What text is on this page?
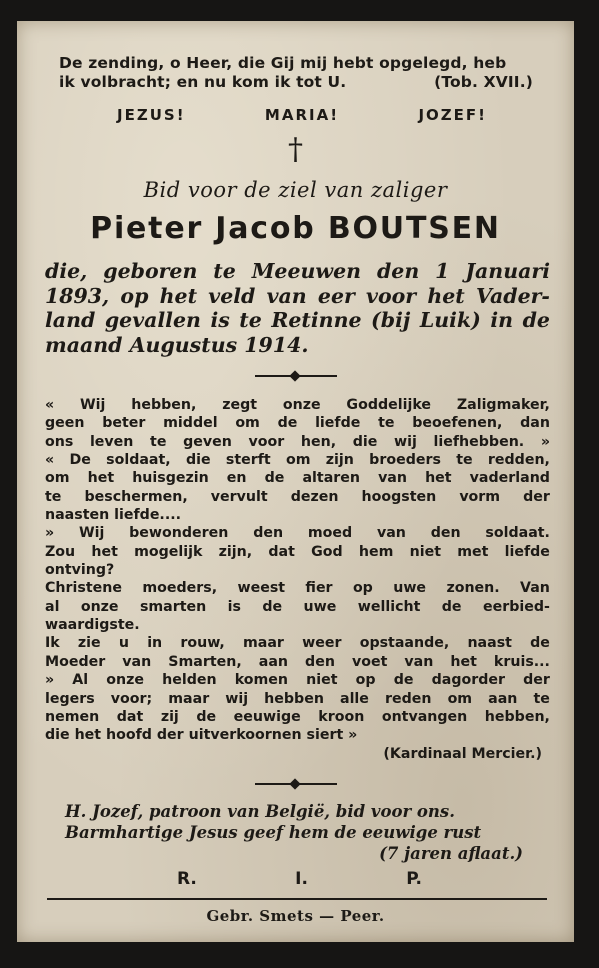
De zending, o Heer, die Gij mij hebt opgelegd, heb
ik volbracht; en nu kom ik tot U.	(Tob. XVII.)
JEZUS!	MARIA!	JOZEF!
†
Bid voor de ziel van zaliger
Pieter Jacob BOUTSEN
die, geboren te Meeuwen den 1 Januari
1893, op het veld van eer voor het Vader-
land gevallen is te Retinne (bij Luik) in de
maand Augustus 1914.
« Wij hebben, zegt onze Goddelijke Zaligmaker,
geen beter middel om de liefde te beoefenen, dan
ons leven te geven voor hen, die wij liefhebben. »
« De soldaat, die sterft om zijn broeders te redden,
om het huisgezin en de altaren van het vaderland
te beschermen, vervult dezen hoogsten vorm der
naasten liefde....
» Wij bewonderen den moed van den soldaat.
Zou het mogelijk zijn, dat God hem niet met liefde
ontving?
Christene moeders, weest fier op uwe zonen. Van
al onze smarten is de uwe wellicht de eerbied-
waardigste.
Ik zie u in rouw, maar weer opstaande, naast de
Moeder van Smarten, aan den voet van het kruis...
» Al onze helden komen niet op de dagorder der
legers voor; maar wij hebben alle reden om aan te
nemen dat zij de eeuwige kroon ontvangen hebben,
die het hoofd der uitverkoornen siert »
(Kardinaal Mercier.)
H. Jozef, patroon van België, bid voor ons.
Barmhartige Jesus geef hem de eeuwige rust
(7 jaren aflaat.)
R.	I.	P.
Gebr. Smets — Peer.
